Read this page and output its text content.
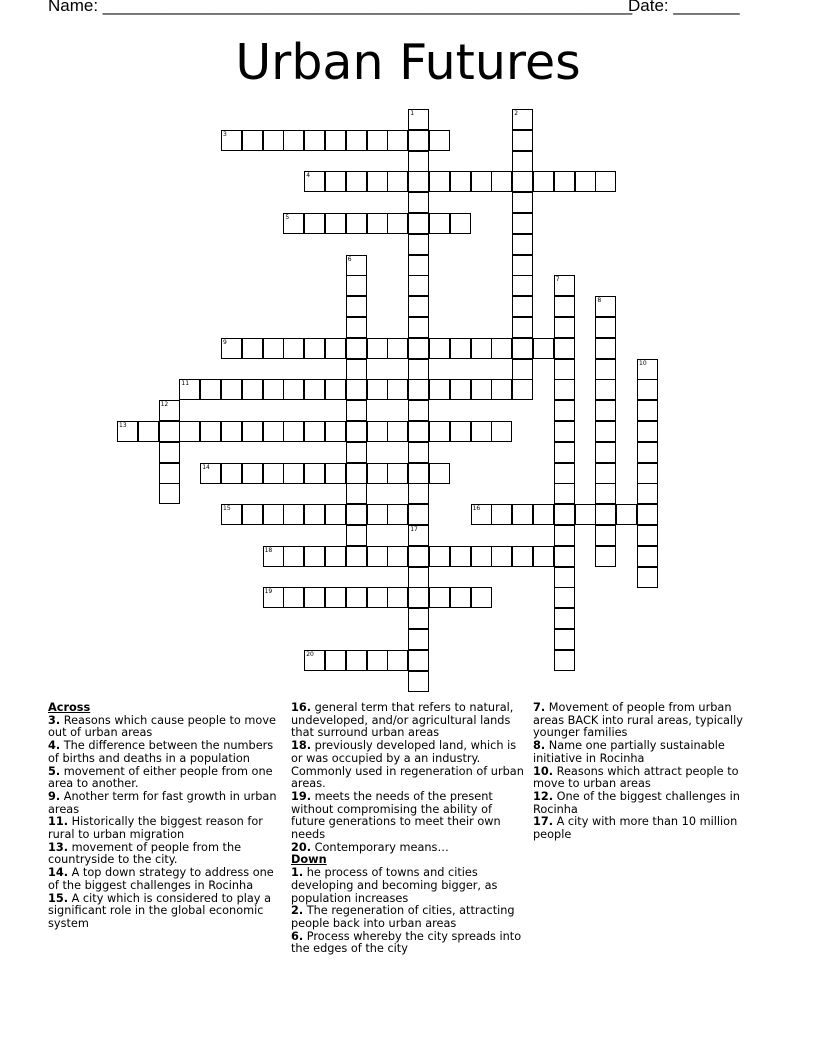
Name: ________________________________________________________
Date: _______
Urban Futures
1
17
2
3
4
5
6
7
8
9
10
11
12
13
14
15	16
18
19
20
Across
3. Reasons which cause people to move out of urban areas
4. The difference between the numbers of births and deaths in a population
5. movement of either people from one area to another.
9. Another term for fast growth in urban areas
11. Historically the biggest reason for rural to urban migration
13. movement of people from the countryside to the city.
14. A top down strategy to address one of the biggest challenges in Rocinha
15. A city which is considered to play a significant role in the global economic system
16. general term that refers to natural, undeveloped, and/or agricultural lands that surround urban areas
18. previously developed land, which is or was occupied by a an industry. Commonly used in regeneration of urban areas.
19. meets the needs of the present without compromising the ability of future generations to meet their own needs
20. Contemporary means…
Down
1. he process of towns and cities developing and becoming bigger, as population increases
2. The regeneration of cities, attracting people back into urban areas
6. Process whereby the city spreads into the edges of the city
7. Movement of people from urban areas BACK into rural areas, typically younger families
8. Name one partially sustainable initiative in Rocinha
10. Reasons which attract people to move to urban areas
12. One of the biggest challenges in Rocinha
17. A city with more than 10 million people
